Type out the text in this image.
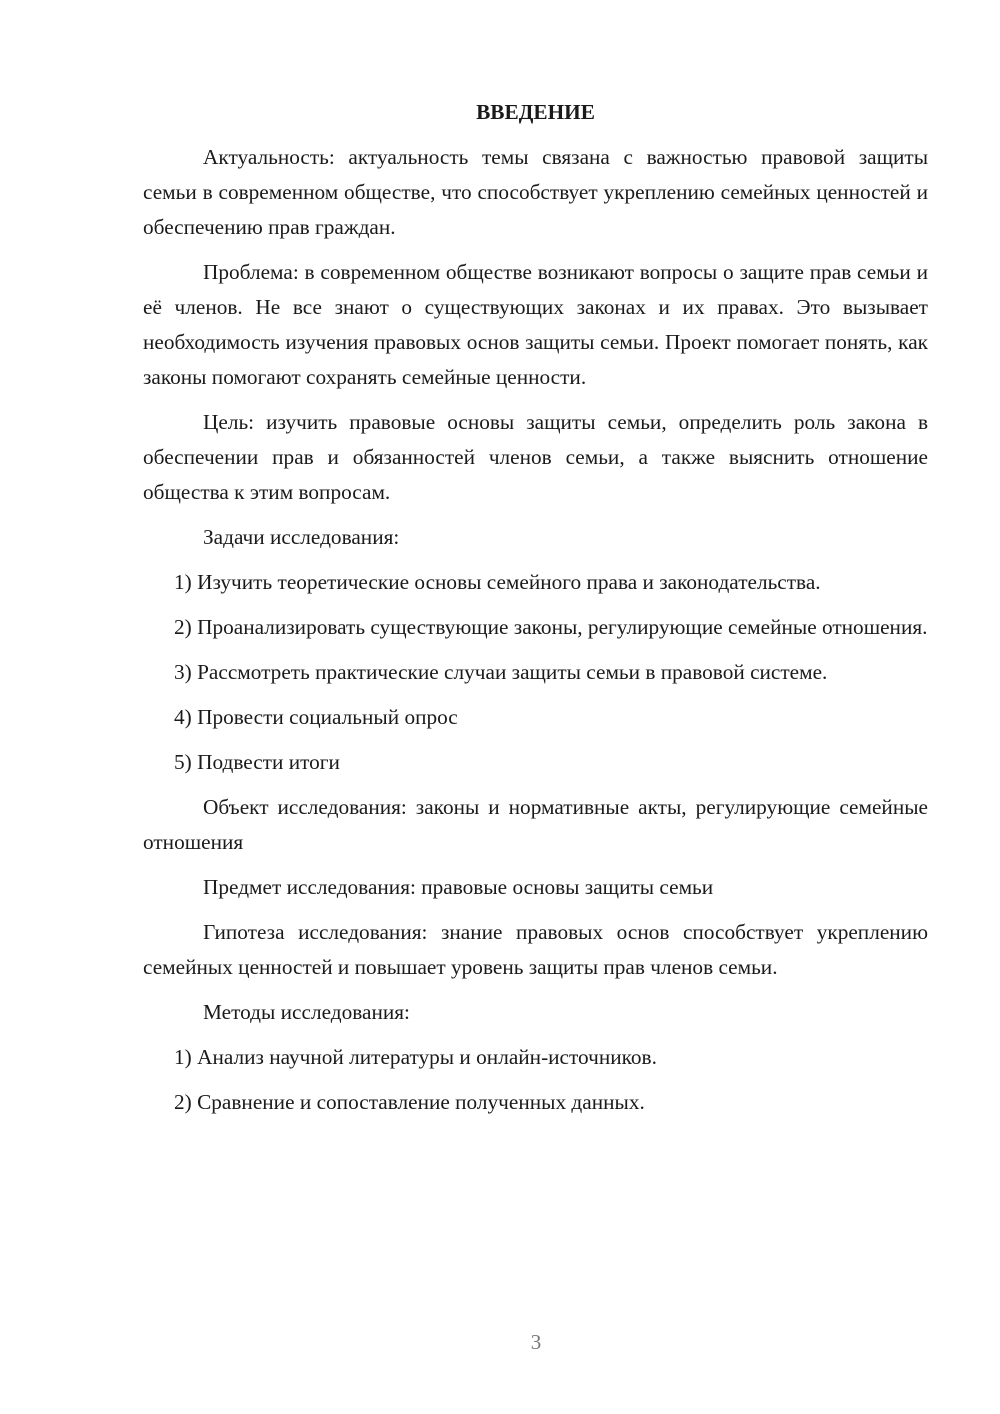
ВВЕДЕНИЕ

Актуальность: актуальность темы связана с важностью правовой защиты семьи в современном обществе, что способствует укреплению семейных ценностей и обеспечению прав граждан.

Проблема: в современном обществе возникают вопросы о защите прав семьи и её членов. Не все знают о существующих законах и их правах. Это вызывает необходимость изучения правовых основ защиты семьи. Проект помогает понять, как законы помогают сохранять семейные ценности.

Цель: изучить правовые основы защиты семьи, определить роль закона в обеспечении прав и обязанностей членов семьи, а также выяснить отношение общества к этим вопросам.

Задачи исследования:

1) Изучить теоретические основы семейного права и законодательства.

2) Проанализировать существующие законы, регулирующие семейные отношения.

3) Рассмотреть практические случаи защиты семьи в правовой системе.

4) Провести социальный опрос

5) Подвести итоги

Объект исследования: законы и нормативные акты, регулирующие семейные отношения

Предмет исследования: правовые основы защиты семьи

Гипотеза исследования: знание правовых основ способствует укреплению семейных ценностей и повышает уровень защиты прав членов семьи.

Методы исследования:

1) Анализ научной литературы и онлайн-источников.

2) Сравнение и сопоставление полученных данных.

3
